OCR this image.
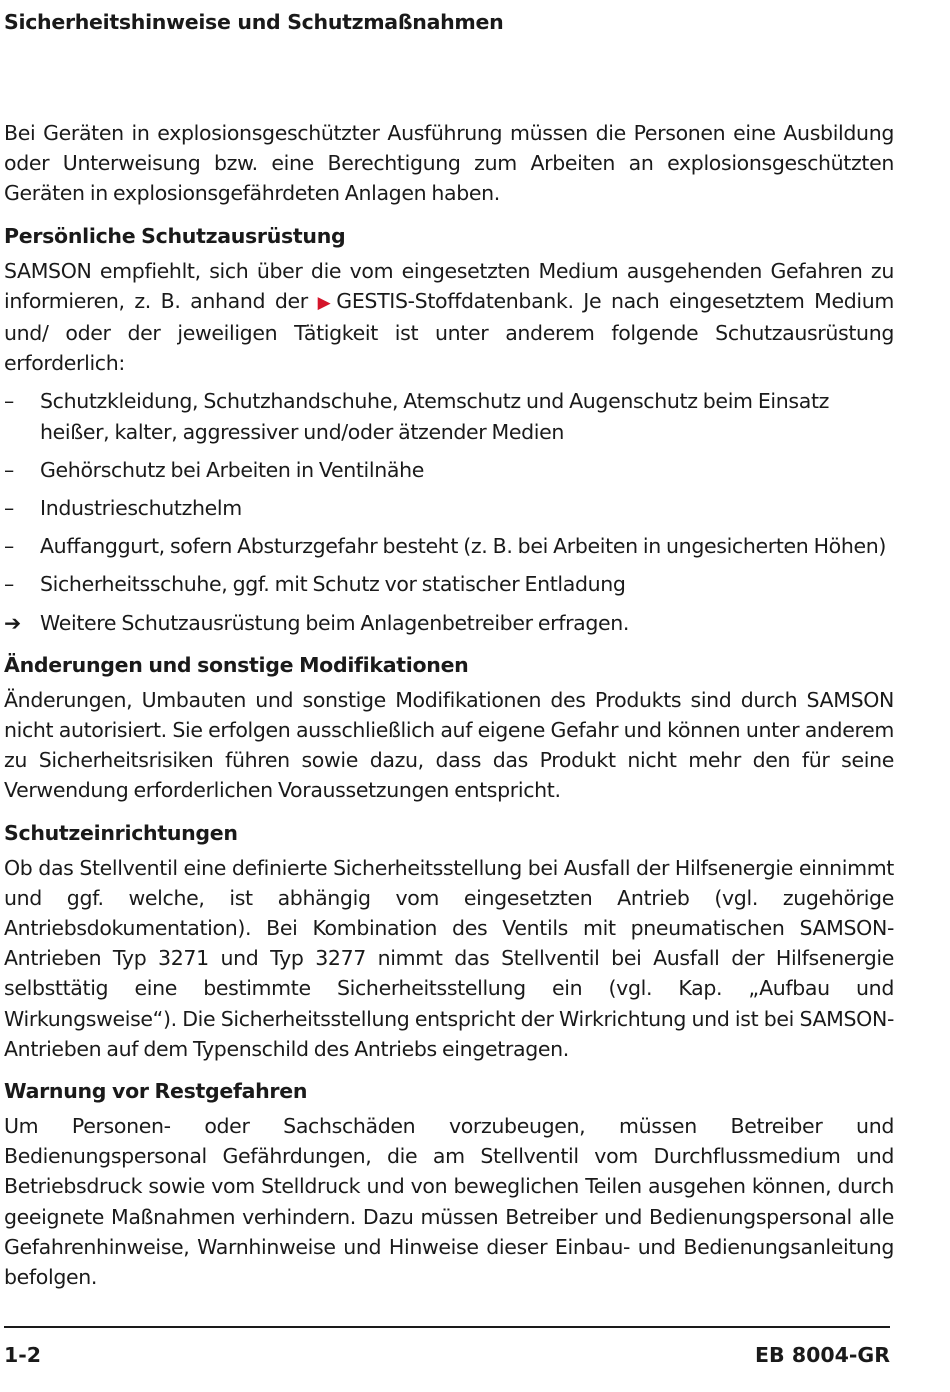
Sicherheitshinweise und Schutzmaßnahmen

Bei Geräten in explosionsgeschützter Ausführung müssen die Personen eine Ausbildung oder Unterweisung bzw. eine Berechtigung zum Arbeiten an explosionsgeschützten Geräten in explosionsgefährdeten Anlagen haben.

Persönliche Schutzausrüstung

SAMSON empfiehlt, sich über die vom eingesetzten Medium ausgehenden Gefahren zu informieren, z. B. anhand der ▶ GESTIS-Stoffdatenbank. Je nach eingesetztem Medium und/ oder der jeweiligen Tätigkeit ist unter anderem folgende Schutzausrüstung erforderlich:

– Schutzkleidung, Schutzhandschuhe, Atemschutz und Augenschutz beim Einsatz heißer, kalter, aggressiver und/oder ätzender Medien
– Gehörschutz bei Arbeiten in Ventilnähe
– Industrieschutzhelm
– Auffanggurt, sofern Absturzgefahr besteht (z. B. bei Arbeiten in ungesicherten Höhen)
– Sicherheitsschuhe, ggf. mit Schutz vor statischer Entladung

➔ Weitere Schutzausrüstung beim Anlagenbetreiber erfragen.

Änderungen und sonstige Modifikationen

Änderungen, Umbauten und sonstige Modifikationen des Produkts sind durch SAMSON nicht autorisiert. Sie erfolgen ausschließlich auf eigene Gefahr und können unter anderem zu Sicherheitsrisiken führen sowie dazu, dass das Produkt nicht mehr den für seine Verwendung erforderlichen Voraussetzungen entspricht.

Schutzeinrichtungen

Ob das Stellventil eine definierte Sicherheitsstellung bei Ausfall der Hilfsenergie einnimmt und ggf. welche, ist abhängig vom eingesetzten Antrieb (vgl. zugehörige Antriebsdokumentation). Bei Kombination des Ventils mit pneumatischen SAMSON-Antrieben Typ 3271 und Typ 3277 nimmt das Stellventil bei Ausfall der Hilfsenergie selbsttätig eine bestimmte Sicherheitsstellung ein (vgl. Kap. „Aufbau und Wirkungsweise“). Die Sicherheitsstellung entspricht der Wirkrichtung und ist bei SAMSON-Antrieben auf dem Typenschild des Antriebs eingetragen.

Warnung vor Restgefahren

Um Personen- oder Sachschäden vorzubeugen, müssen Betreiber und Bedienungspersonal Gefährdungen, die am Stellventil vom Durchflussmedium und Betriebsdruck sowie vom Stelldruck und von beweglichen Teilen ausgehen können, durch geeignete Maßnahmen verhindern. Dazu müssen Betreiber und Bedienungspersonal alle Gefahrenhinweise, Warnhinweise und Hinweise dieser Einbau- und Bedienungsanleitung befolgen.

1-2	EB 8004-GR
